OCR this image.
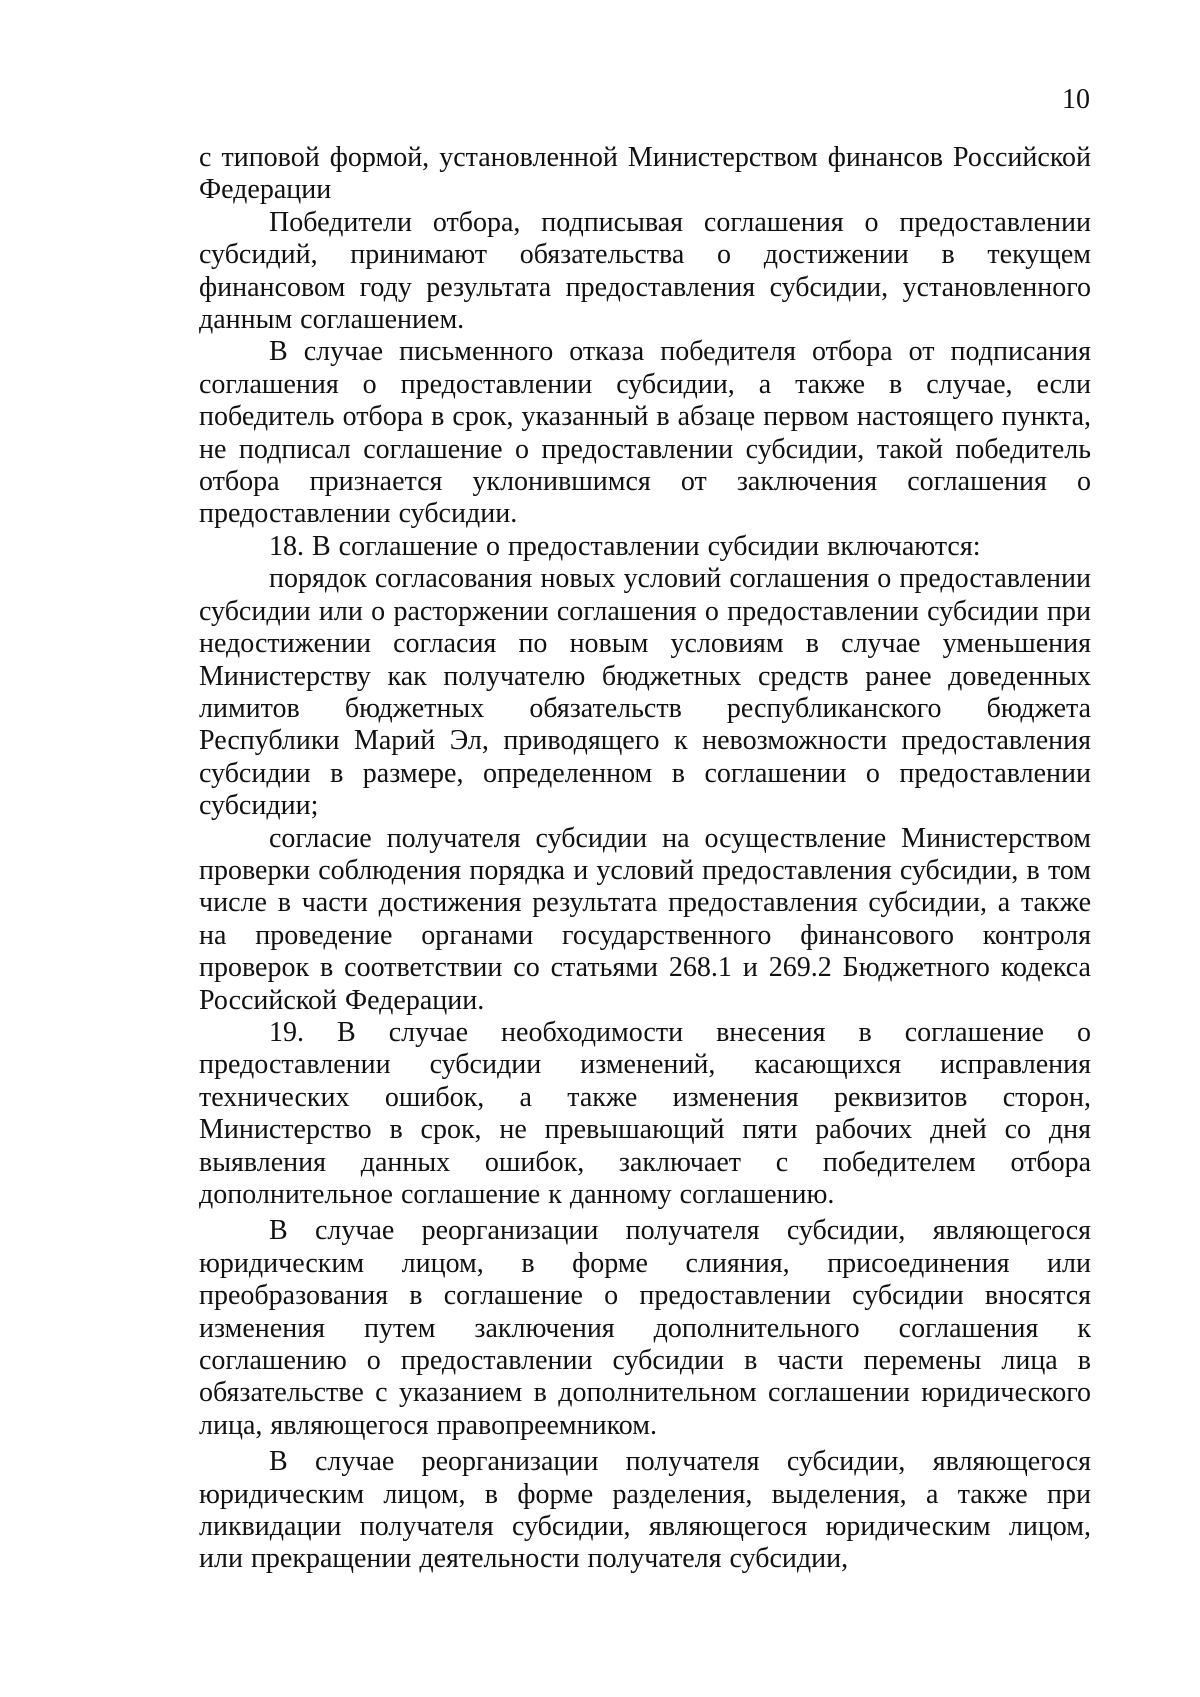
10

с типовой формой, установленной Министерством финансов Российской Федерации

Победители отбора, подписывая соглашения о предоставлении субсидий, принимают обязательства о достижении в текущем финансовом году результата предоставления субсидии, установленного данным соглашением.

В случае письменного отказа победителя отбора от подписания соглашения о предоставлении субсидии, а также в случае, если победитель отбора в срок, указанный в абзаце первом настоящего пункта, не подписал соглашение о предоставлении субсидии, такой победитель отбора признается уклонившимся от заключения соглашения о предоставлении субсидии.

18. В соглашение о предоставлении субсидии включаются:

порядок согласования новых условий соглашения о предоставлении субсидии или о расторжении соглашения о предоставлении субсидии при недостижении согласия по новым условиям в случае уменьшения Министерству как получателю бюджетных средств ранее доведенных лимитов бюджетных обязательств республиканского бюджета Республики Марий Эл, приводящего к невозможности предоставления субсидии в размере, определенном в соглашении о предоставлении субсидии;

согласие получателя субсидии на осуществление Министерством проверки соблюдения порядка и условий предоставления субсидии, в том числе в части достижения результата предоставления субсидии, а также на проведение органами государственного финансового контроля проверок в соответствии со статьями 268.1 и 269.2 Бюджетного кодекса Российской Федерации.

19. В случае необходимости внесения в соглашение о предоставлении субсидии изменений, касающихся исправления технических ошибок, а также изменения реквизитов сторон, Министерство в срок, не превышающий пяти рабочих дней со дня выявления данных ошибок, заключает с победителем отбора дополнительное соглашение к данному соглашению.

В случае реорганизации получателя субсидии, являющегося юридическим лицом, в форме слияния, присоединения или преобразования в соглашение о предоставлении субсидии вносятся изменения путем заключения дополнительного соглашения к соглашению о предоставлении субсидии в части перемены лица в обязательстве с указанием в дополнительном соглашении юридического лица, являющегося правопреемником.

В случае реорганизации получателя субсидии, являющегося юридическим лицом, в форме разделения, выделения, а также при ликвидации получателя субсидии, являющегося юридическим лицом, или прекращении деятельности получателя субсидии,
